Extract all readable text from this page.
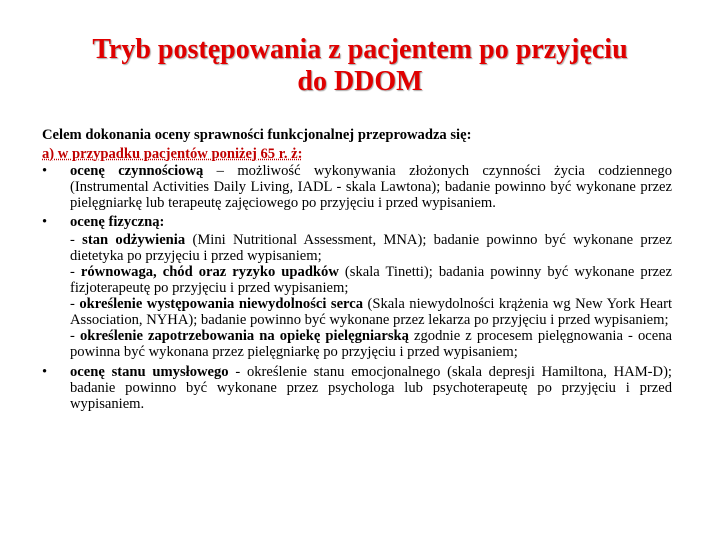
Tryb postępowania z pacjentem po przyjęciu
do DDOM

Celem dokonania oceny sprawności funkcjonalnej przeprowadza się:

a) w przypadku pacjentów poniżej 65 r. ż:

• ocenę czynnościową – możliwość wykonywania złożonych czynności życia codziennego (Instrumental Activities Daily Living, IADL - skala Lawtona); badanie powinno być wykonane przez pielęgniarkę lub terapeutę zajęciowego po przyjęciu i przed wypisaniem.
• ocenę fizyczną:
- stan odżywienia (Mini Nutritional Assessment, MNA); badanie powinno być wykonane przez dietetyka po przyjęciu i przed wypisaniem;
- równowaga, chód oraz ryzyko upadków (skala Tinetti); badania powinny być wykonane przez fizjoterapeutę po przyjęciu i przed wypisaniem;
- określenie występowania niewydolności serca (Skala niewydolności krążenia wg New York Heart Association, NYHA); badanie powinno być wykonane przez lekarza po przyjęciu i przed wypisaniem;
- określenie zapotrzebowania na opiekę pielęgniarską zgodnie z procesem pielęgnowania - ocena powinna być wykonana przez pielęgniarkę po przyjęciu i przed wypisaniem;
• ocenę stanu umysłowego - określenie stanu emocjonalnego (skala depresji Hamiltona, HAM-D); badanie powinno być wykonane przez psychologa lub psychoterapeutę po przyjęciu i przed wypisaniem.
